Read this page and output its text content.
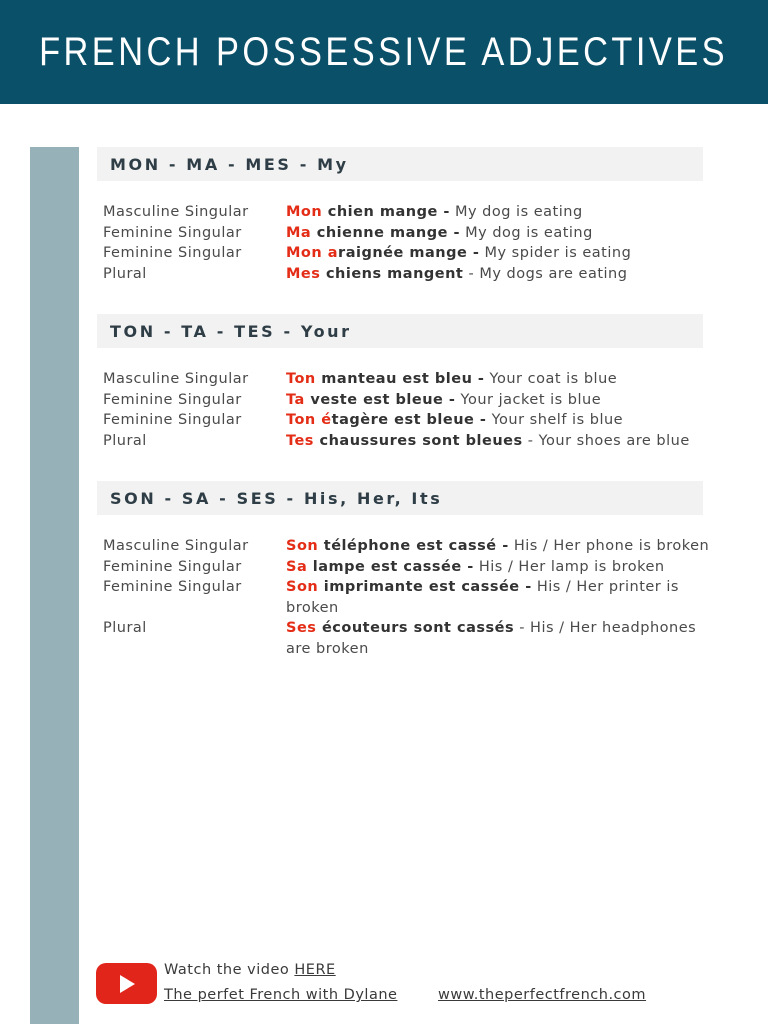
FRENCH POSSESSIVE ADJECTIVES
MON - MA - MES - My
Masculine Singular	Mon chien mange - My dog is eating
Feminine Singular	Ma chienne mange - My dog is eating
Feminine Singular	Mon araignée mange - My spider is eating
Plural	Mes chiens mangent - My dogs are eating
TON - TA - TES - Your
Masculine Singular	Ton manteau est bleu - Your coat is blue
Feminine Singular	Ta veste est bleue - Your jacket is blue
Feminine Singular	Ton étagère est bleue - Your shelf is blue
Plural	Tes chaussures sont bleues - Your shoes are blue
SON - SA - SES - His, Her, Its
Masculine Singular	Son téléphone est cassé - His / Her phone is broken
Feminine Singular	Sa lampe est cassée - His / Her lamp is broken
Feminine Singular	Son imprimante est cassée - His / Her printer is broken
Plural	Ses écouteurs sont cassés - His / Her headphones are broken
Watch the video HERE
The perfet French with Dylane	www.theperfectfrench.com
